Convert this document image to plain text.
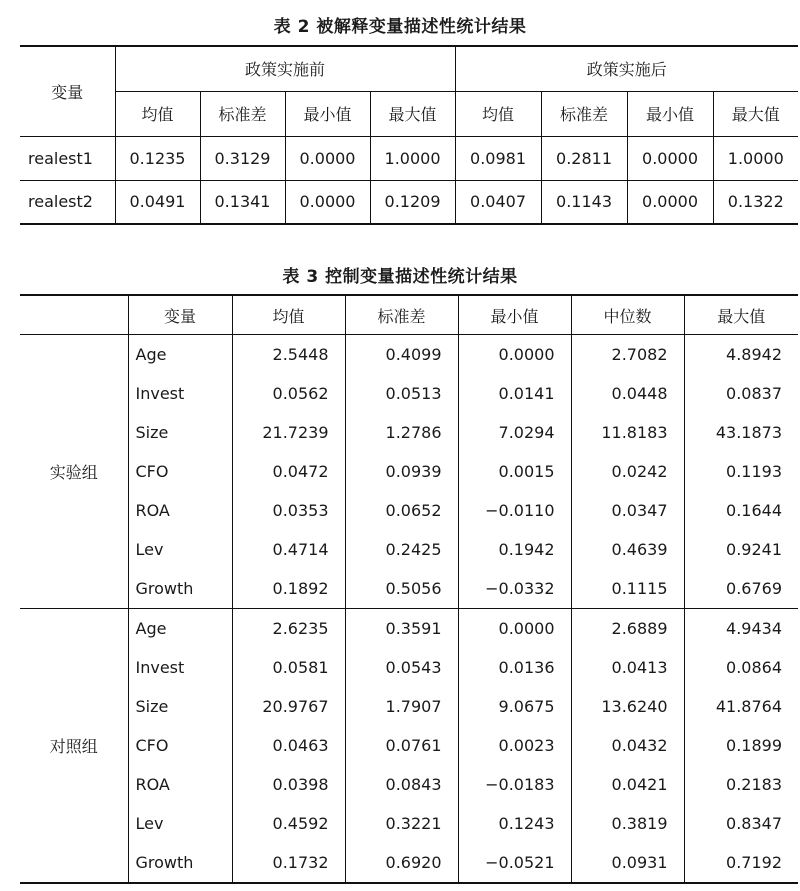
表 2 被解释变量描述性统计结果
变量	政策实施前				政策实施后			
	均值	标准差	最小值	最大值	均值	标准差	最小值	最大值
realest1	0.1235	0.3129	0.0000	1.0000	0.0981	0.2811	0.0000	1.0000
realest2	0.0491	0.1341	0.0000	0.1209	0.0407	0.1143	0.0000	0.1322
表 3 控制变量描述性统计结果
	变量	均值	标准差	最小值	中位数	最大值
实验组	Age	2.5448	0.4099	0.0000	2.7082	4.8942
	Invest	0.0562	0.0513	0.0141	0.0448	0.0837
	Size	21.7239	1.2786	7.0294	11.8183	43.1873
	CFO	0.0472	0.0939	0.0015	0.0242	0.1193
	ROA	0.0353	0.0652	−0.0110	0.0347	0.1644
	Lev	0.4714	0.2425	0.1942	0.4639	0.9241
	Growth	0.1892	0.5056	−0.0332	0.1115	0.6769
对照组	Age	2.6235	0.3591	0.0000	2.6889	4.9434
	Invest	0.0581	0.0543	0.0136	0.0413	0.0864
	Size	20.9767	1.7907	9.0675	13.6240	41.8764
	CFO	0.0463	0.0761	0.0023	0.0432	0.1899
	ROA	0.0398	0.0843	−0.0183	0.0421	0.2183
	Lev	0.4592	0.3221	0.1243	0.3819	0.8347
	Growth	0.1732	0.6920	−0.0521	0.0931	0.7192
